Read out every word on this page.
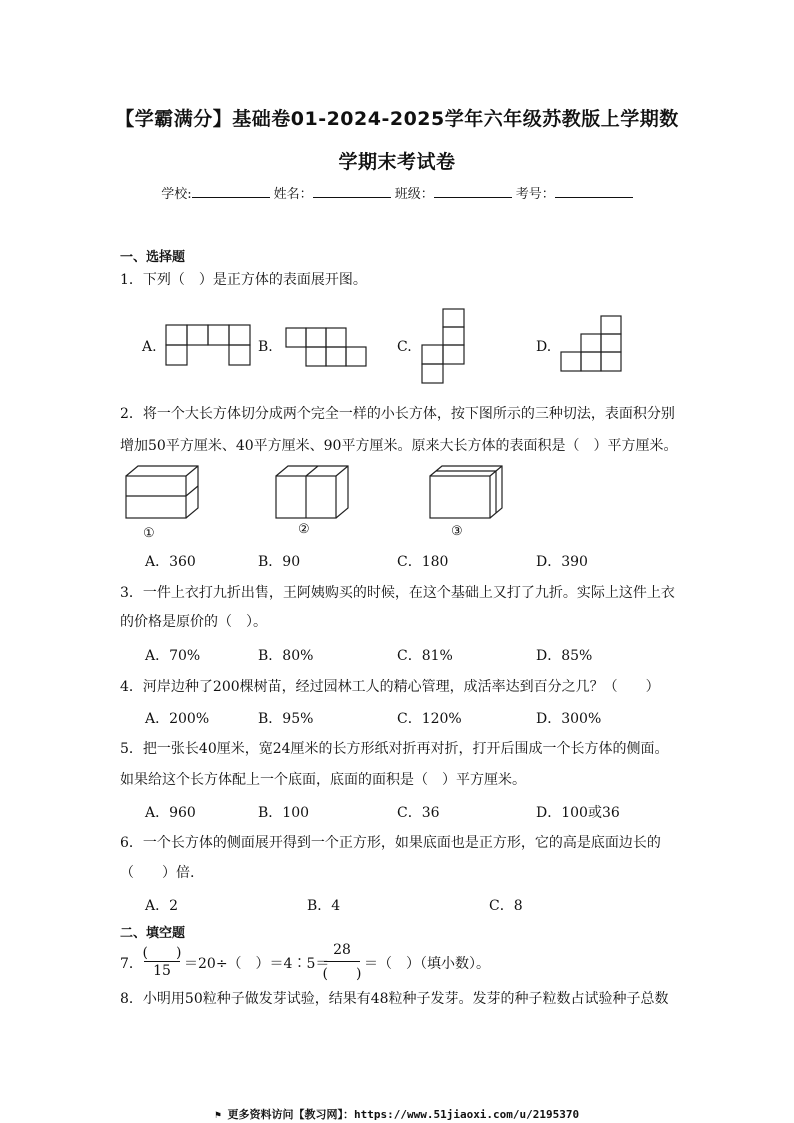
【学霸满分】基础卷01-2024-2025学年六年级苏教版上学期数
学期末考试卷
学校:	姓名：	班级：	考号：
一、选择题
1．下列（　）是正方体的表面展开图。
A.	B.	C.	D.
2．将一个大长方体切分成两个完全一样的小长方体，按下图所示的三种切法，表面积分别
增加50平方厘米、40平方厘米、90平方厘米。原来大长方体的表面积是（　）平方厘米。
①	②	③
A．360	B．90	C．180	D．390
3．一件上衣打九折出售，王阿姨购买的时候，在这个基础上又打了九折。实际上这件上衣
的价格是原价的（　）。
A．70%	B．80%	C．81%	D．85%
4．河岸边种了200棵树苗，经过园林工人的精心管理，成活率达到百分之几？（　　）
A．200%	B．95%	C．120%	D．300%
5．把一张长40厘米，宽24厘米的长方形纸对折再对折，打开后围成一个长方体的侧面。
如果给这个长方体配上一个底面，底面的面积是（　）平方厘米。
A．960	B．100	C．36	D．100或36
6．一个长方体的侧面展开得到一个正方形，如果底面也是正方形，它的高是底面边长的
（　　）倍.
A．2	B．4	C．8
二、填空题
7．
(　　)
15 ＝20÷（　）＝4∶5＝
28
(　　)
＝（　）（填小数）。
8．小明用50粒种子做发芽试验，结果有48粒种子发芽。发芽的种子粒数占试验种子总数
⚑ 更多资料访问【教习网】：https://www.51jiaoxi.com/u/2195370
